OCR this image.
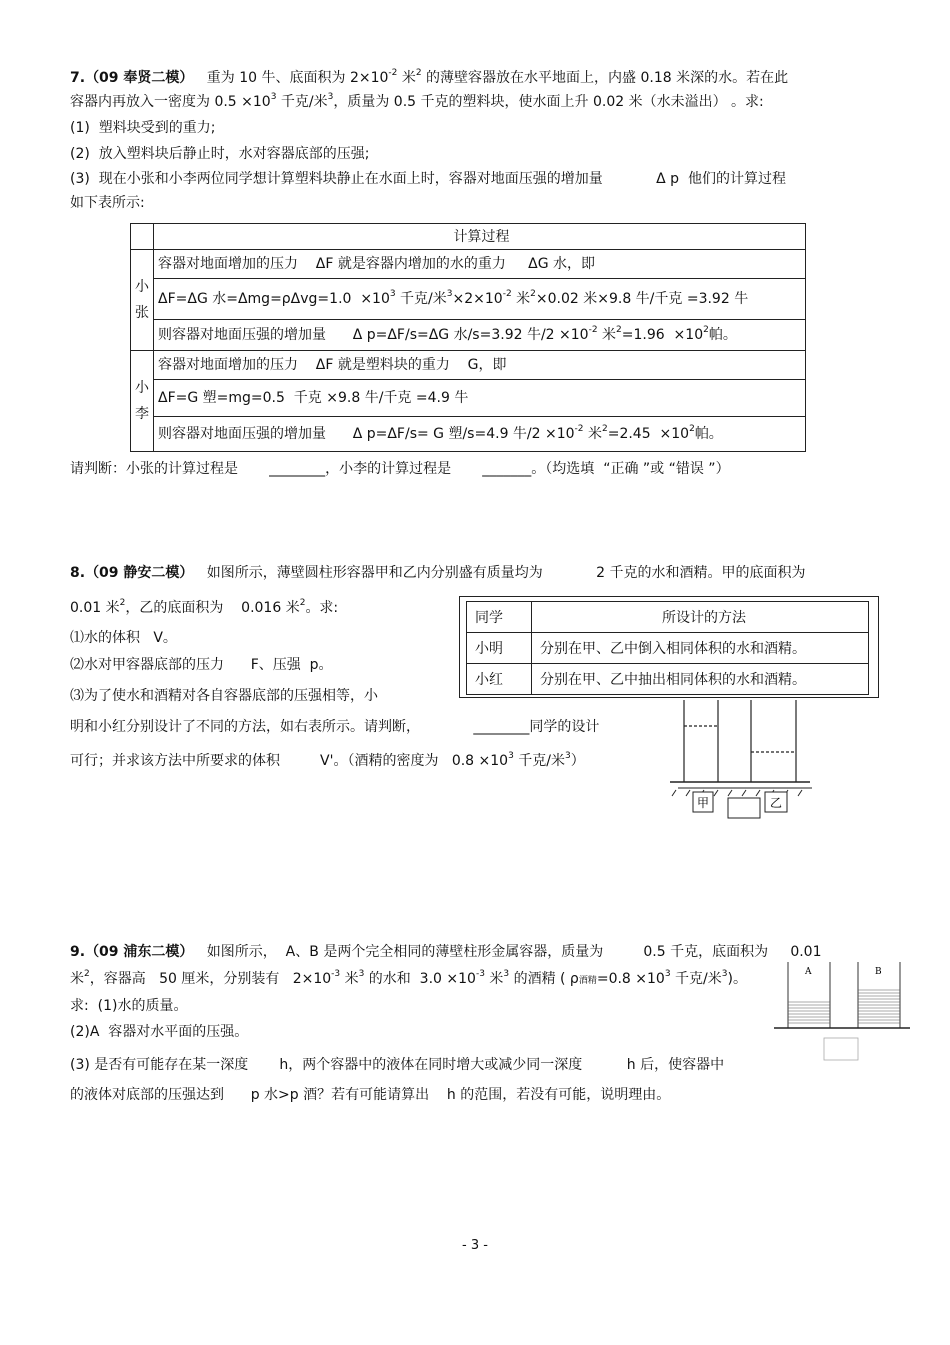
7.（09 奉贤二模） 重为 10 牛、底面积为 $2\times 10^{-2}$ 米$^2$ 的薄壁容器放在水平地面上，内盛 0.18 米深的水。若在此
容器内再放入一密度为 $0.5 \times 10^3$ 千克/米$^3$，质量为 0.5 千克的塑料块，使水面上升 0.02 米（水未溢出） 。求:
(1)  塑料块受到的重力;
(2)  放入塑料块后静止时，水对容器底部的压强;
(3)  现在小张和小李两位同学想计算塑料块静止在水面上时，容器对地面压强的增加量            Δ p  他们的计算过程
如下表所示:
	计算过程
小张	容器对地面增加的压力    ΔF 就是容器内增加的水的重力     ΔG 水，即
	ΔF=ΔG 水$=\Delta mg=\rho\Delta vg=1.0 \times 10^3$ 千克/米$^3\times 2\times 10^{-2}$ 米$^2$×0.02 米×9.8 牛/千克 =3.92 牛
	则容器对地面压强的增加量      Δ p=ΔF/s=ΔG 水/s=3.92 牛$/2 \times 10^{-2}$ 米$^2=1.96 \times 10^2$帕。
小李	容器对地面增加的压力    ΔF 就是塑料块的重力    G，即
	ΔF=G 塑=mg=0.5  千克 ×9.8 牛/千克 =4.9 牛
	则容器对地面压强的增加量      Δ p=ΔF/s= G 塑/s=4.9 牛$/2 \times 10^{-2}$ 米$^2=2.45 \times 10^2$帕。
请判断：小张的计算过程是       ________，小李的计算过程是       _______。（均选填  “正确 ”或 “错误 ”）
8.（09 静安二模） 如图所示，薄壁圆柱形容器甲和乙内分别盛有质量均为            2 千克的水和酒精。甲的底面积为
0.01 米$^2$，乙的底面积为    0.016 米$^2$。求:
⑴水的体积   V。
⑵水对甲容器底部的压力      F、压强  p。
⑶为了使水和酒精对各自容器底部的压强相等，小
明和小红分别设计了不同的方法，如右表所示。请判断，            ________同学的设计
可行；并求该方法中所要求的体积         V'。（酒精的密度为   $0.8 \times 10^3$ 千克/米$^3$）
同学	所设计的方法
小明	分别在甲、乙中倒入相同体积的水和酒精。
小红	分别在甲、乙中抽出相同体积的水和酒精。
甲	乙
9.（09 浦东二模） 如图所示，  A、B 是两个完全相同的薄壁柱形金属容器，质量为         0.5 千克，底面积为     0.01
米$^2$，容器高   50 厘米，分别装有   $2\times 10^{-3}$ 米$^3$ 的水和  $3.0 \times 10^{-3}$ 米$^3$ 的酒精 ( ρ酒精$=0.8 \times 10^3$ 千克/米$^3$)。
求:  (1)水的质量。
(2)A  容器对水平面的压强。
(3) 是否有可能存在某一深度       h，两个容器中的液体在同时增大或减少同一深度          h 后，使容器中
的液体对底部的压强达到      p 水>p 酒？若有可能请算出    h 的范围，若没有可能，说明理由。
A	B
- 3 -
